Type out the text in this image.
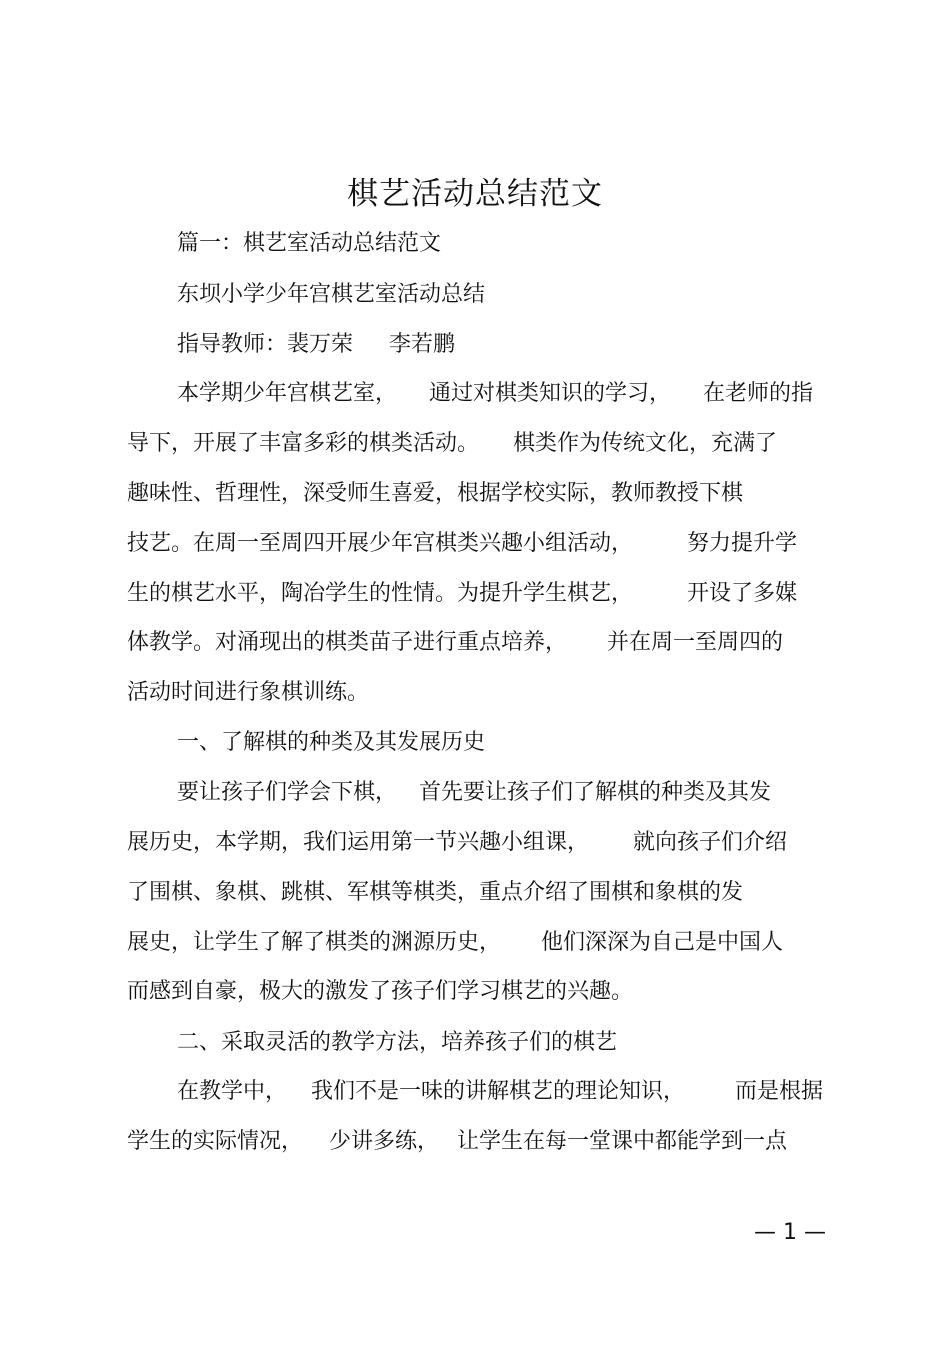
棋艺活动总结范文
篇一：棋艺室活动总结范文
东坝小学少年宫棋艺室活动总结
指导教师：裴万荣 李若鹏
本学期少年宫棋艺室， 通过对棋类知识的学习， 在老师的指
导下，开展了丰富多彩的棋类活动。 棋类作为传统文化，充满了
趣味性、哲理性，深受师生喜爱，根据学校实际，教师教授下棋
技艺。在周一至周四开展少年宫棋类兴趣小组活动， 努力提升学
生的棋艺水平，陶冶学生的性情。为提升学生棋艺， 开设了多媒
体教学。对涌现出的棋类苗子进行重点培养， 并在周一至周四的
活动时间进行象棋训练。
一、了解棋的种类及其发展历史
要让孩子们学会下棋， 首先要让孩子们了解棋的种类及其发
展历史，本学期，我们运用第一节兴趣小组课， 就向孩子们介绍
了围棋、象棋、跳棋、军棋等棋类，重点介绍了围棋和象棋的发
展史，让学生了解了棋类的渊源历史， 他们深深为自己是中国人
而感到自豪，极大的激发了孩子们学习棋艺的兴趣。
二、采取灵活的教学方法，培养孩子们的棋艺
在教学中， 我们不是一味的讲解棋艺的理论知识， 而是根据
学生的实际情况， 少讲多练， 让学生在每一堂课中都能学到一点
— 1 —
